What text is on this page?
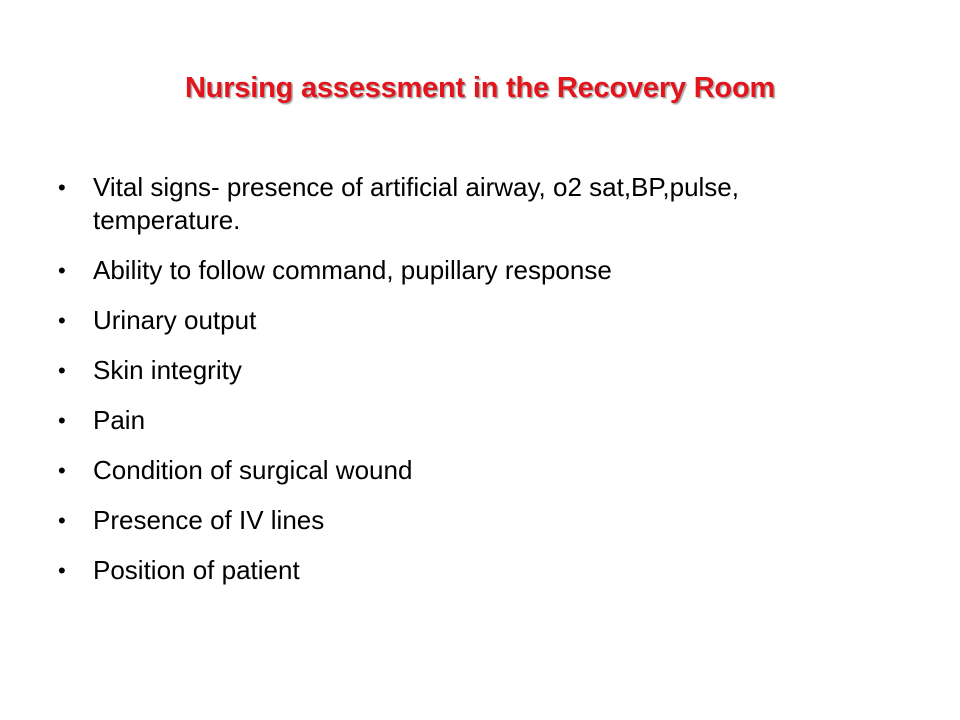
Nursing assessment in the Recovery Room
• Vital signs- presence of artificial airway, o2 sat,BP,pulse, temperature.
• Ability to follow command, pupillary response
• Urinary output
• Skin integrity
• Pain
• Condition of surgical wound
• Presence of IV lines
• Position of patient
